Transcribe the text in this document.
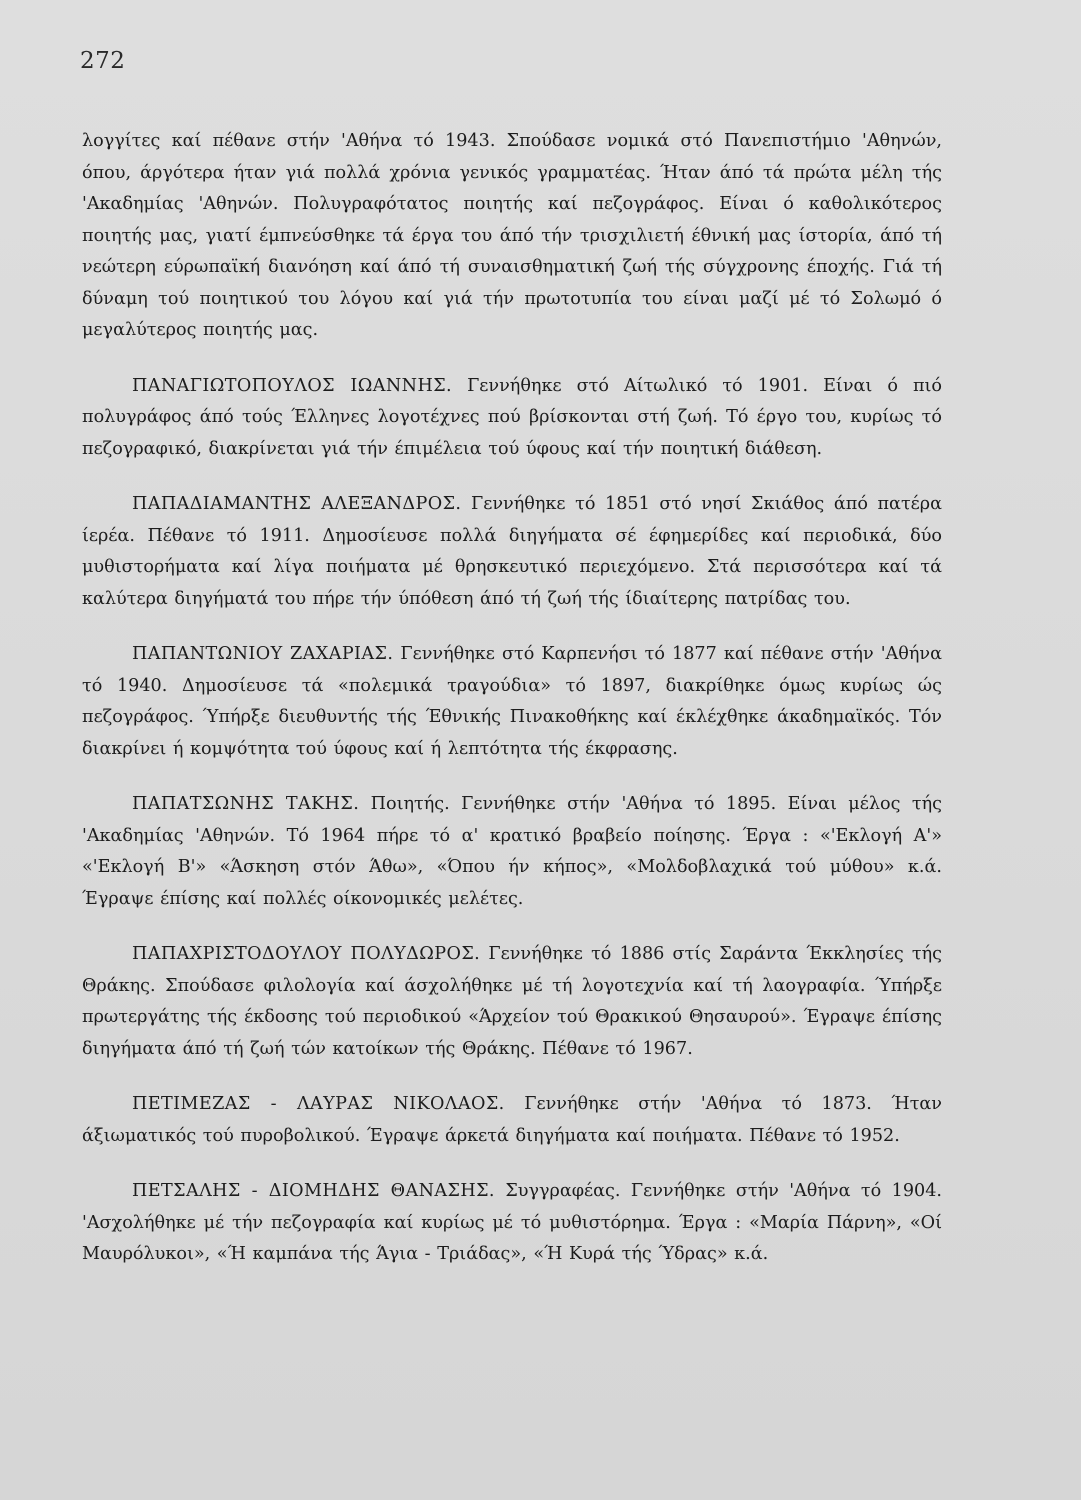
272

λογγίτες καί πέθανε στήν 'Αθήνα τό 1943. Σπούδασε νομικά στό Πανεπιστήμιο 'Αθηνών, όπου, άργότερα ήταν γιά πολλά χρόνια γενικός γραμματέας. Ήταν άπό τά πρώτα μέλη τής 'Ακαδημίας 'Αθηνών. Πολυγραφότατος ποιητής καί πεζογράφος. Είναι ό καθολικότερος ποιητής μας, γιατί έμπνεύσθηκε τά έργα του άπό τήν τρισχιλιετή έθνική μας ίστορία, άπό τή νεώτερη εύρωπαϊκή διανόηση καί άπό τή συναισθηματική ζωή τής σύγχρονης έποχής. Γιά τή δύναμη τού ποιητικού του λόγου καί γιά τήν πρωτοτυπία του είναι μαζί μέ τό Σολωμό ό μεγαλύτερος ποιητής μας.

ΠΑΝΑΓΙΩΤΟΠΟΥΛΟΣ ΙΩΑΝΝΗΣ. Γεννήθηκε στό Αίτωλικό τό 1901. Είναι ό πιό πολυγράφος άπό τούς Έλληνες λογοτέχνες πού βρίσκονται στή ζωή. Τό έργο του, κυρίως τό πεζογραφικό, διακρίνεται γιά τήν έπιμέλεια τού ύφους καί τήν ποιητική διάθεση.

ΠΑΠΑΔΙΑΜΑΝΤΗΣ ΑΛΕΞΑΝΔΡΟΣ. Γεννήθηκε τό 1851 στό νησί Σκιάθος άπό πατέρα ίερέα. Πέθανε τό 1911. Δημοσίευσε πολλά διηγήματα σέ έφημερίδες καί περιοδικά, δύο μυθιστορήματα καί λίγα ποιήματα μέ θρησκευτικό περιεχόμενο. Στά περισσότερα καί τά καλύτερα διηγήματά του πήρε τήν ύπόθεση άπό τή ζωή τής ίδιαίτερης πατρίδας του.

ΠΑΠΑΝΤΩΝΙΟΥ ΖΑΧΑΡΙΑΣ. Γεννήθηκε στό Καρπενήσι τό 1877 καί πέθανε στήν 'Αθήνα τό 1940. Δημοσίευσε τά «πολεμικά τραγούδια» τό 1897, διακρίθηκε όμως κυρίως ώς πεζογράφος. Ύπήρξε διευθυντής τής Έθνικής Πινακοθήκης καί έκλέχθηκε άκαδημαϊκός. Τόν διακρίνει ή κομψότητα τού ύφους καί ή λεπτότητα τής έκφρασης.

ΠΑΠΑΤΣΩΝΗΣ ΤΑΚΗΣ. Ποιητής. Γεννήθηκε στήν 'Αθήνα τό 1895. Είναι μέλος τής 'Ακαδημίας 'Αθηνών. Τό 1964 πήρε τό α' κρατικό βραβείο ποίησης. Έργα : «'Εκλογή Α'» «'Εκλογή Β'» «Άσκηση στόν Άθω», «Όπου ήν κήπος», «Μολδοβλαχικά τού μύθου» κ.ά. Έγραψε έπίσης καί πολλές οίκονομικές μελέτες.

ΠΑΠΑΧΡΙΣΤΟΔΟΥΛΟΥ ΠΟΛΥΔΩΡΟΣ. Γεννήθηκε τό 1886 στίς Σαράντα Έκκλησίες τής Θράκης. Σπούδασε φιλολογία καί άσχολήθηκε μέ τή λογοτεχνία καί τή λαογραφία. Ύπήρξε πρωτεργάτης τής έκδοσης τού περιοδικού «Άρχείον τού Θρακικού Θησαυρού». Έγραψε έπίσης διηγήματα άπό τή ζωή τών κατοίκων τής Θράκης. Πέθανε τό 1967.

ΠΕΤΙΜΕΖΑΣ - ΛΑΥΡΑΣ ΝΙΚΟΛΑΟΣ. Γεννήθηκε στήν 'Αθήνα τό 1873. Ήταν άξιωματικός τού πυροβολικού. Έγραψε άρκετά διηγήματα καί ποιήματα. Πέθανε τό 1952.

ΠΕΤΣΑΛΗΣ - ΔΙΟΜΗΔΗΣ ΘΑΝΑΣΗΣ. Συγγραφέας. Γεννήθηκε στήν 'Αθήνα τό 1904. 'Ασχολήθηκε μέ τήν πεζογραφία καί κυρίως μέ τό μυθιστόρημα. Έργα : «Μαρία Πάρνη», «Οί Μαυρόλυκοι», «Ή καμπάνα τής Άγια - Τριάδας», «Ή Κυρά τής Ύδρας» κ.ά.
